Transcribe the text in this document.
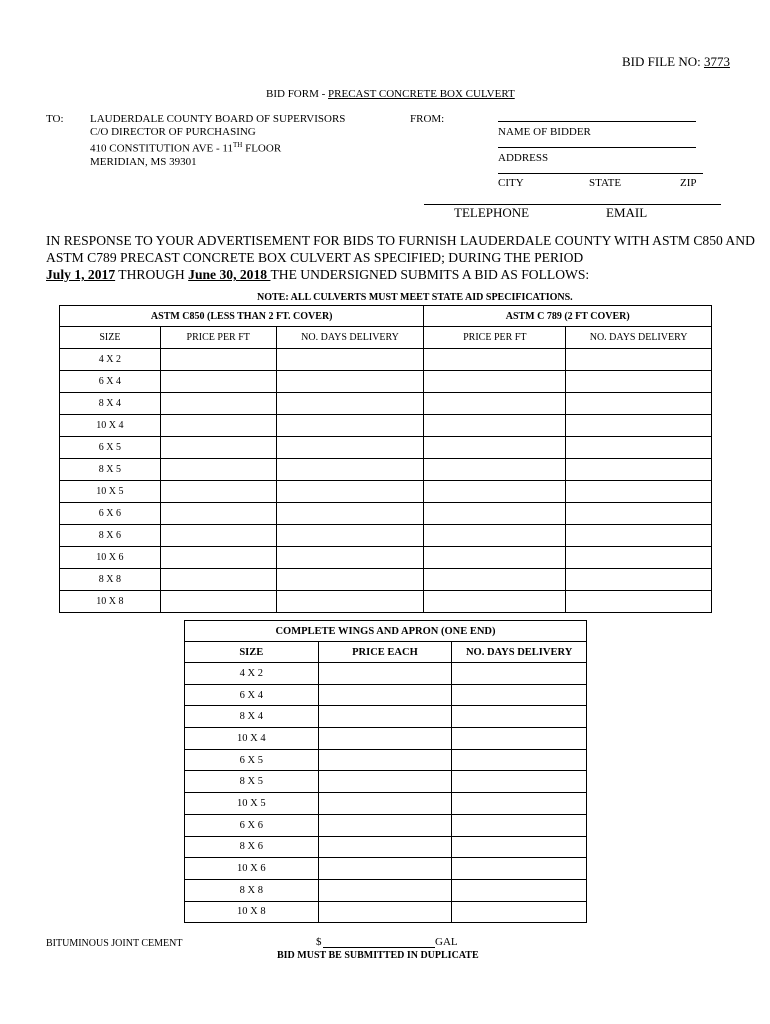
BID FILE NO: 3773
BID FORM - PRECAST CONCRETE BOX CULVERT
TO: LAUDERDALE COUNTY BOARD OF SUPERVISORS
C/O DIRECTOR OF PURCHASING
410 CONSTITUTION AVE - 11TH FLOOR
MERIDIAN, MS 39301
FROM:
NAME OF BIDDER
ADDRESS
CITY	STATE	ZIP
TELEPHONE	EMAIL
IN RESPONSE TO YOUR ADVERTISEMENT FOR BIDS TO FURNISH LAUDERDALE COUNTY WITH ASTM C850 AND
ASTM C789 PRECAST CONCRETE BOX CULVERT AS SPECIFIED; DURING THE PERIOD
July 1, 2017 THROUGH June 30, 2018 THE UNDERSIGNED SUBMITS A BID AS FOLLOWS:
NOTE: ALL CULVERTS MUST MEET STATE AID SPECIFICATIONS.
ASTM C850 (LESS THAN 2 FT. COVER)			ASTM C 789 (2 FT COVER)	
SIZE	PRICE PER FT	NO. DAYS DELIVERY	PRICE PER FT	NO. DAYS DELIVERY
4 X 2				
6 X 4				
8 X 4				
10 X 4				
6 X 5				
8 X 5				
10 X 5				
6 X 6				
8 X 6				
10 X 6				
8 X 8				
10 X 8				
COMPLETE WINGS AND APRON (ONE END)		
SIZE	PRICE EACH	NO. DAYS DELIVERY
4 X 2		
6 X 4		
8 X 4		
10 X 4		
6 X 5		
8 X 5		
10 X 5		
6 X 6		
8 X 6		
10 X 6		
8 X 8		
10 X 8		
BITUMINOUS JOINT CEMENT	$	GAL
BID MUST BE SUBMITTED IN DUPLICATE
